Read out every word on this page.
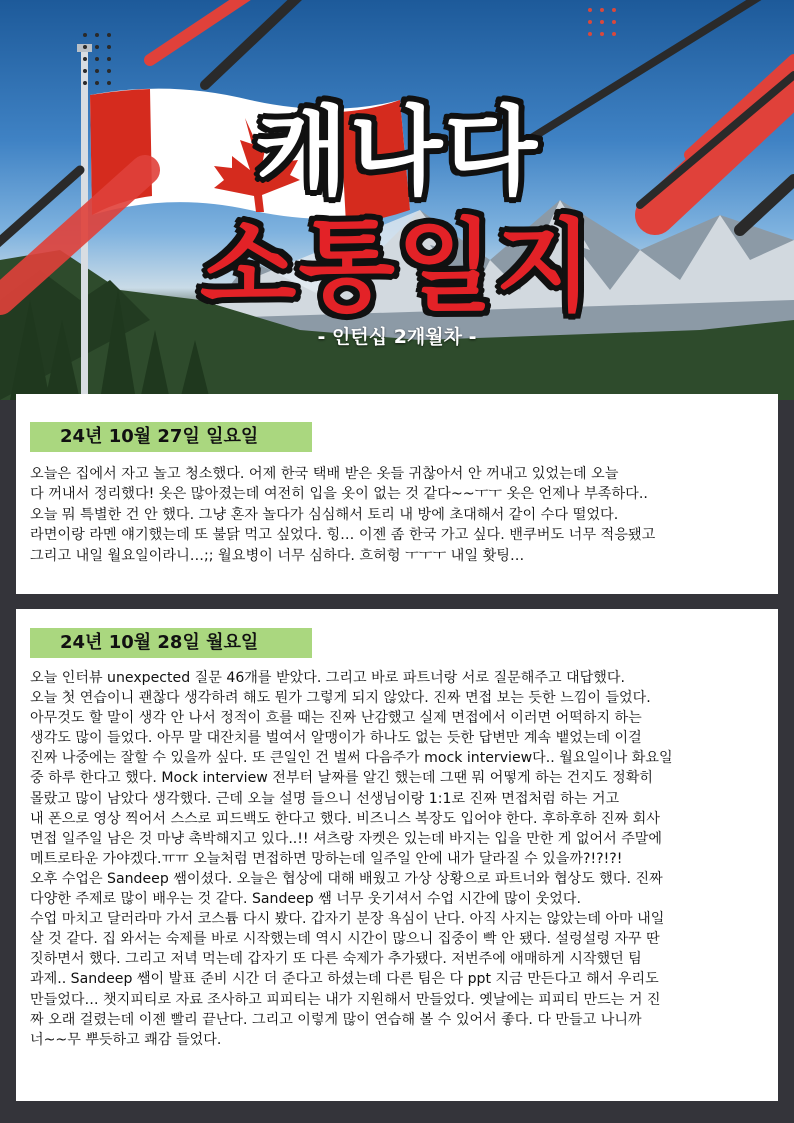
캐나다
소통일지
- 인턴십 2개월차 -
24년 10월 27일 일요일
오늘은 집에서 자고 놀고 청소했다. 어제 한국 택배 받은 옷들 귀찮아서 안 꺼내고 있었는데 오늘
다 꺼내서 정리했다! 옷은 많아졌는데 여전히 입을 옷이 없는 것 같다~~ㅜㅜ 옷은 언제나 부족하다..
오늘 뭐 특별한 건 안 했다. 그냥 혼자 놀다가 심심해서 토리 내 방에 초대해서 같이 수다 떨었다.
라면이랑 라멘 얘기했는데 또 불닭 먹고 싶었다. 힝… 이젠 좀 한국 가고 싶다. 밴쿠버도 너무 적응됐고
그리고 내일 월요일이라니…;; 월요병이 너무 심하다. 흐허헝 ㅜㅜㅜ 내일 홧팅…
24년 10월 28일 월요일
오늘 인터뷰 unexpected 질문 46개를 받았다. 그리고 바로 파트너랑 서로 질문해주고 대답했다.
오늘 첫 연습이니 괜찮다 생각하려 해도 뭔가 그렇게 되지 않았다. 진짜 면접 보는 듯한 느낌이 들었다.
아무것도 할 말이 생각 안 나서 정적이 흐를 때는 진짜 난감했고 실제 면접에서 이러면 어떡하지 하는
생각도 많이 들었다. 아무 말 대잔치를 벌여서 알맹이가 하나도 없는 듯한 답변만 계속 뱉었는데 이걸
진짜 나중에는 잘할 수 있을까 싶다. 또 큰일인 건 벌써 다음주가 mock interview다.. 월요일이나 화요일
중 하루 한다고 했다. Mock interview 전부터 날짜를 알긴 했는데 그땐 뭐 어떻게 하는 건지도 정확히
몰랐고 많이 남았다 생각했다. 근데 오늘 설명 들으니 선생님이랑 1:1로 진짜 면접처럼 하는 거고
내 폰으로 영상 찍어서 스스로 피드백도 한다고 했다. 비즈니스 복장도 입어야 한다. 후하후하 진짜 회사
면접 일주일 남은 것 마냥 촉박해지고 있다..!! 셔츠랑 자켓은 있는데 바지는 입을 만한 게 없어서 주말에
메트로타운 가야겠다.ㅠㅠ 오늘처럼 면접하면 망하는데 일주일 안에 내가 달라질 수 있을까?!?!?!
오후 수업은 Sandeep 쌤이셨다. 오늘은 협상에 대해 배웠고 가상 상황으로 파트너와 협상도 했다. 진짜
다양한 주제로 많이 배우는 것 같다. Sandeep 쌤 너무 웃기셔서 수업 시간에 많이 웃었다.
수업 마치고 달러라마 가서 코스튬 다시 봤다. 갑자기 분장 욕심이 난다. 아직 사지는 않았는데 아마 내일
살 것 같다. 집 와서는 숙제를 바로 시작했는데 역시 시간이 많으니 집중이 빡 안 됐다. 설렁설렁 자꾸 딴
짓하면서 했다. 그리고 저녁 먹는데 갑자기 또 다른 숙제가 추가됐다. 저번주에 애매하게 시작했던 팀
과제.. Sandeep 쌤이 발표 준비 시간 더 준다고 하셨는데 다른 팀은 다 ppt 지금 만든다고 해서 우리도
만들었다… 챗지피티로 자료 조사하고 피피티는 내가 지원해서 만들었다. 옛날에는 피피티 만드는 거 진
짜 오래 걸렸는데 이젠 빨리 끝난다. 그리고 이렇게 많이 연습해 볼 수 있어서 좋다. 다 만들고 나니까
너~~무 뿌듯하고 쾌감 들었다.
